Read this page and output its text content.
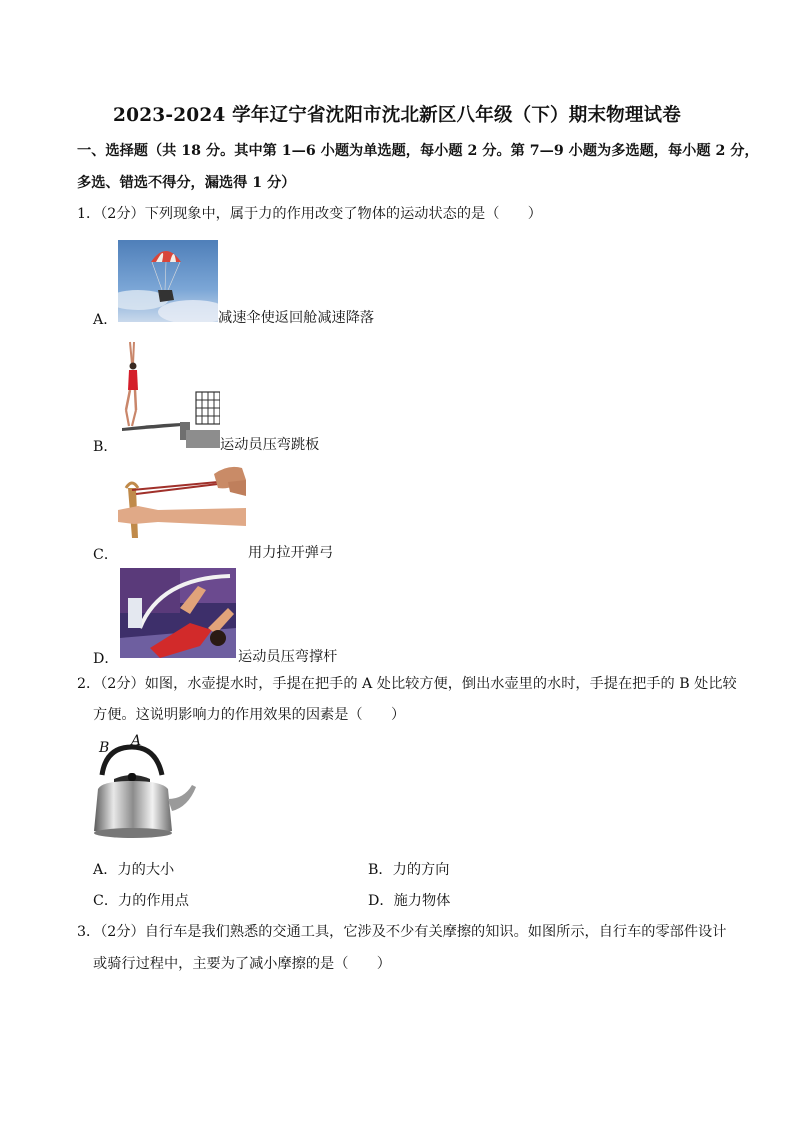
2023-2024 学年辽宁省沈阳市沈北新区八年级（下）期末物理试卷
一、选择题（共 18 分。其中第 1—6 小题为单选题，每小题 2 分。第 7—9 小题为多选题，每小题 2 分，
多选、错选不得分，漏选得 1 分）
1．（2分）下列现象中，属于力的作用改变了物体的运动状态的是（　　）
A．	减速伞使返回舱减速降落
B．	运动员压弯跳板
C．	用力拉开弹弓
D．	运动员压弯撑杆
2．（2分）如图，水壶提水时，手提在把手的 A 处比较方便，倒出水壶里的水时，手提在把手的 B 处比较
方便。这说明影响力的作用效果的因素是（　　）
B A
A．力的大小	B．力的方向
C．力的作用点	D．施力物体
3．（2分）自行车是我们熟悉的交通工具，它涉及不少有关摩擦的知识。如图所示，自行车的零部件设计
或骑行过程中，主要为了减小摩擦的是（　　）
